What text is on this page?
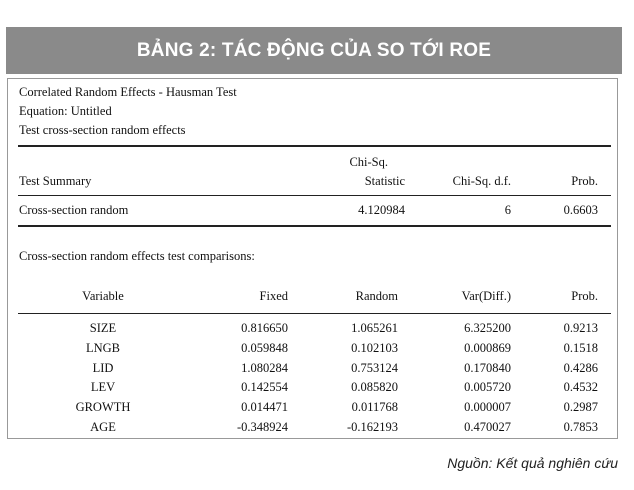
BẢNG 2: TÁC ĐỘNG CỦA SO TỚI ROE
Correlated Random Effects - Hausman Test
Equation: Untitled
Test cross-section random effects
Chi-Sq.
Test Summary	Statistic	Chi-Sq. d.f.	Prob.
Cross-section random	4.120984	6	0.6603
Cross-section random effects test comparisons:
Variable	Fixed	Random	Var(Diff.)	Prob.
SIZE	0.816650	1.065261	6.325200	0.9213
LNGB	0.059848	0.102103	0.000869	0.1518
LID	1.080284	0.753124	0.170840	0.4286
LEV	0.142554	0.085820	0.005720	0.4532
GROWTH	0.014471	0.011768	0.000007	0.2987
AGE	-0.348924	-0.162193	0.470027	0.7853
Nguồn: Kết quả nghiên cứu
